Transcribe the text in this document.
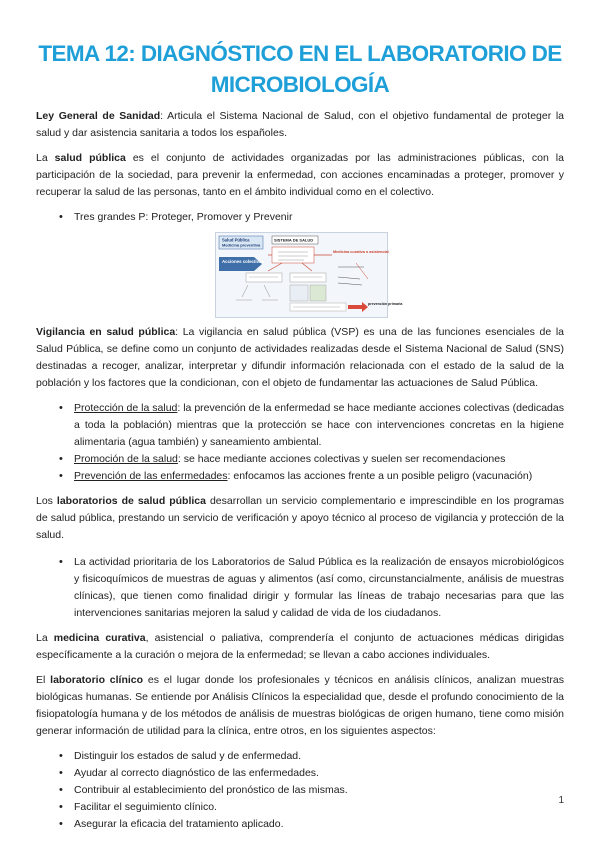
TEMA 12: DIAGNÓSTICO EN EL LABORATORIO DE MICROBIOLOGÍA

Ley General de Sanidad: Articula el Sistema Nacional de Salud, con el objetivo fundamental de proteger la salud y dar asistencia sanitaria a todos los españoles.

La salud pública es el conjunto de actividades organizadas por las administraciones públicas, con la participación de la sociedad, para prevenir la enfermedad, con acciones encaminadas a proteger, promover y recuperar la salud de las personas, tanto en el ámbito individual como en el colectivo.

• Tres grandes P: Proteger, Promover y Prevenir
Salud Pública
Medicina preventiva
SISTEMA DE SALUD
Acciones colectivas
Medicina curativa o asistencial
prevención primaria

Vigilancia en salud pública: La vigilancia en salud pública (VSP) es una de las funciones esenciales de la Salud Pública, se define como un conjunto de actividades realizadas desde el Sistema Nacional de Salud (SNS) destinadas a recoger, analizar, interpretar y difundir información relacionada con el estado de la salud de la población y los factores que la condicionan, con el objeto de fundamentar las actuaciones de Salud Pública.

• Protección de la salud: la prevención de la enfermedad se hace mediante acciones colectivas (dedicadas a toda la población) mientras que la protección se hace con intervenciones concretas en la higiene alimentaria (agua también) y saneamiento ambiental.
• Promoción de la salud: se hace mediante acciones colectivas y suelen ser recomendaciones
• Prevención de las enfermedades: enfocamos las acciones frente a un posible peligro (vacunación)

Los laboratorios de salud pública desarrollan un servicio complementario e imprescindible en los programas de salud pública, prestando un servicio de verificación y apoyo técnico al proceso de vigilancia y protección de la salud.

• La actividad prioritaria de los Laboratorios de Salud Pública es la realización de ensayos microbiológicos y fisicoquímicos de muestras de aguas y alimentos (así como, circunstancialmente, análisis de muestras clínicas), que tienen como finalidad dirigir y formular las líneas de trabajo necesarias para que las intervenciones sanitarias mejoren la salud y calidad de vida de los ciudadanos.

La medicina curativa, asistencial o paliativa, comprendería el conjunto de actuaciones médicas dirigidas específicamente a la curación o mejora de la enfermedad; se llevan a cabo acciones individuales.

El laboratorio clínico es el lugar donde los profesionales y técnicos en análisis clínicos, analizan muestras biológicas humanas. Se entiende por Análisis Clínicos la especialidad que, desde el profundo conocimiento de la fisiopatología humana y de los métodos de análisis de muestras biológicas de origen humano, tiene como misión generar información de utilidad para la clínica, entre otros, en los siguientes aspectos:

• Distinguir los estados de salud y de enfermedad.
• Ayudar al correcto diagnóstico de las enfermedades.
• Contribuir al establecimiento del pronóstico de las mismas.
• Facilitar el seguimiento clínico.
• Asegurar la eficacia del tratamiento aplicado.
1
